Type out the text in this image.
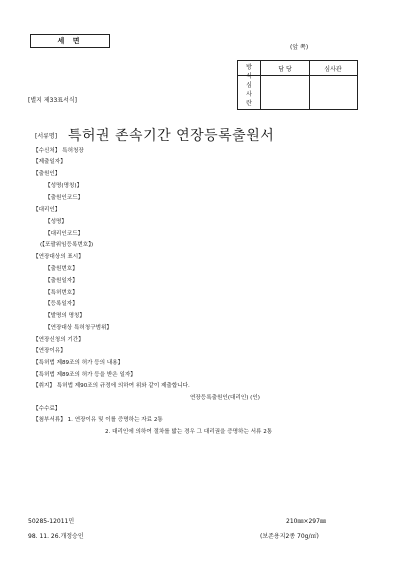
세 면
(앞 쪽)
방
식
심
사
란
담 당	심사관
[별지 제33표서식]
[서류명] 특허권 존속기간 연장등록출원서
【수신처】 특허청장
【제출일자】
【출원인】
【성명(명칭)】
【출원인코드】
【대리인】
【성명】
【대리인코드】
(【포괄위임등록번호】)
【연장대상의 표시】
【출원번호】
【출원일자】
【특허번호】
【등록일자】
【발명의 명칭】
【연장대상 특허청구범위】
【연장신청의 기간】
【연장이유】
【특허법 제89조의 허가 등의 내용】
【특허법 제89조의 허가 등을 받은 일자】
【취지】 특허법 제90조의 규정에 의하여 위와 같이 제출합니다.
연장등록출원인(대리인) (인)
【수수료】
【첨부서류】 1. 연장이유 및 이를 증명하는 자료 2통
2. 대리인에 의하여 절차를 밟는 경우 그 대리권을 증명하는 서류 2통
50285-12011민
98. 11. 26.개정승인
210㎜×297㎜
(보존용지2종 70g/㎡)
